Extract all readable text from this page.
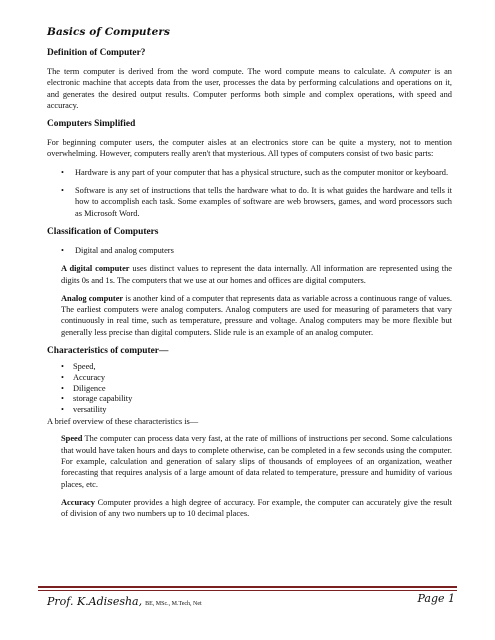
Basics of Computers
Definition of Computer?
The term computer is derived from the word compute. The word compute means to calculate. A computer is an electronic machine that accepts data from the user, processes the data by performing calculations and operations on it, and generates the desired output results. Computer performs both simple and complex operations, with speed and accuracy.
Computers Simplified
For beginning computer users, the computer aisles at an electronics store can be quite a mystery, not to mention overwhelming. However, computers really aren't that mysterious. All types of computers consist of two basic parts:
• Hardware is any part of your computer that has a physical structure, such as the computer monitor or keyboard.
• Software is any set of instructions that tells the hardware what to do. It is what guides the hardware and tells it how to accomplish each task. Some examples of software are web browsers, games, and word processors such as Microsoft Word.
Classification of Computers
• Digital and analog computers
A digital computer uses distinct values to represent the data internally. All information are represented using the digits 0s and 1s. The computers that we use at our homes and offices are digital computers.
Analog computer is another kind of a computer that represents data as variable across a continuous range of values. The earliest computers were analog computers. Analog computers are used for measuring of parameters that vary continuously in real time, such as temperature, pressure and voltage. Analog computers may be more flexible but generally less precise than digital computers. Slide rule is an example of an analog computer.
Characteristics of computer—
• Speed,
• Accuracy
• Diligence
• storage capability
• versatility
A brief overview of these characteristics is—
Speed The computer can process data very fast, at the rate of millions of instructions per second. Some calculations that would have taken hours and days to complete otherwise, can be completed in a few seconds using the computer. For example, calculation and generation of salary slips of thousands of employees of an organization, weather forecasting that requires analysis of a large amount of data related to temperature, pressure and humidity of various places, etc.
Accuracy Computer provides a high degree of accuracy. For example, the computer can accurately give the result of division of any two numbers up to 10 decimal places.
Prof. K.Adisesha, BE, MSc., M.Tech, Net	Page 1
